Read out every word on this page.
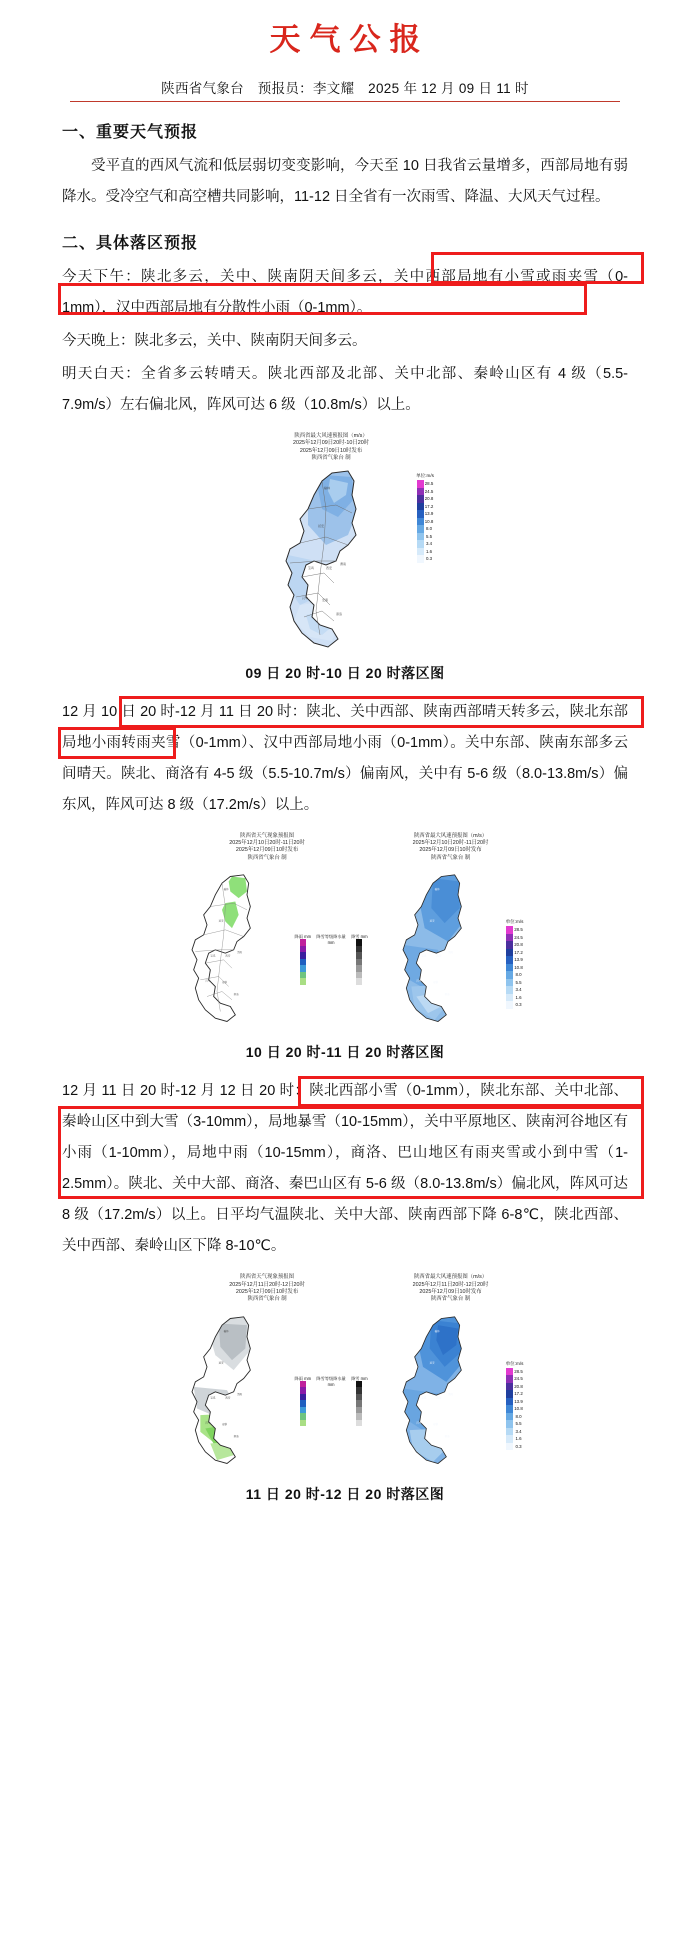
天气公报
陕西省气象台　预报员：李文耀　2025 年 12 月 09 日 11 时
一、重要天气预报

受平直的西风气流和低层弱切变变影响，今天至 10 日我省云量增多，西部局地有弱降水。受冷空气和高空槽共同影响，11-12 日全省有一次雨雪、降温、大风天气过程。

二、具体落区预报

今天下午：陕北多云，关中、陕南阴天间多云，关中西部局地有小雪或雨夹雪（0-1mm），汉中西部局地有分散性小雨（0-1mm）。

今天晚上：陕北多云，关中、陕南阴天间多云。

明天白天：全省多云转晴天。陕北西部及北部、关中北部、秦岭山区有 4 级（5.5-7.9m/s）左右偏北风，阵风可达 6 级（10.8m/s）以上。

陕西省最大风速预报图（m/s）
2025年12月09日20时-10日20时
2025年12月09日10时发布
陕西省气象台 制
榆林
延安
宝鸡	西安
渭南
汉中	安康
商洛
单位:m/s
28.5
24.5
20.8
17.2
13.9
10.8
8.0
5.5
3.4
1.6
0.3
09 日 20 时-10 日 20 时落区图

12 月 10 日 20 时-12 月 11 日 20 时：陕北、关中西部、陕南西部晴天转多云，陕北东部局地小雨转雨夹雪（0-1mm）、汉中西部局地小雨（0-1mm）。关中东部、陕南东部多云间晴天。陕北、商洛有 4-5 级（5.5-10.7m/s）偏南风，关中有 5-6 级（8.0-13.8m/s）偏东风，阵风可达 8 级（17.2m/s）以上。

陕西省天气现象预报图
2025年12月10日20时-11日20时
2025年12月09日10时发布
陕西省气象台 制
榆林
延安
宝鸡	西安
渭南
汉中
安康
商洛
降雨 mm	降雪等级降水量 mm
降雪 mm
陕西省最大风速预报图（m/s）
2025年12月10日20时-11日20时
2025年12月09日10时发布
陕西省气象台 制
榆林
延安
宝鸡	西安
渭南
汉中
安康
商洛
单位:m/s
28.5
24.5
20.8
17.2
13.9
10.8
8.0
5.5
3.4
1.6
0.3
10 日 20 时-11 日 20 时落区图

12 月 11 日 20 时-12 月 12 日 20 时：陕北西部小雪（0-1mm），陕北东部、关中北部、秦岭山区中到大雪（3-10mm），局地暴雪（10-15mm），关中平原地区、陕南河谷地区有小雨（1-10mm），局地中雨（10-15mm），商洛、巴山地区有雨夹雪或小到中雪（1-2.5mm）。陕北、关中大部、商洛、秦巴山区有 5-6 级（8.0-13.8m/s）偏北风，阵风可达 8 级（17.2m/s）以上。日平均气温陕北、关中大部、陕南西部下降 6-8℃，陕北西部、关中西部、秦岭山区下降 8-10℃。

陕西省天气现象预报图
2025年12月11日20时-12日20时
2025年12月09日10时发布
陕西省气象台 制
榆林
延安
宝鸡	西安
渭南
汉中
安康
商洛
降雨 mm	降雪等级降水量 mm
降雪 mm
陕西省最大风速预报图（m/s）
2025年12月11日20时-12日20时
2025年12月09日10时发布
陕西省气象台 制
榆林
延安
宝鸡	西安
渭南
汉中
安康
商洛
单位:m/s
28.5
24.5
20.8
17.2
13.9
10.8
8.0
5.5
3.4
1.6
0.3
11 日 20 时-12 日 20 时落区图
